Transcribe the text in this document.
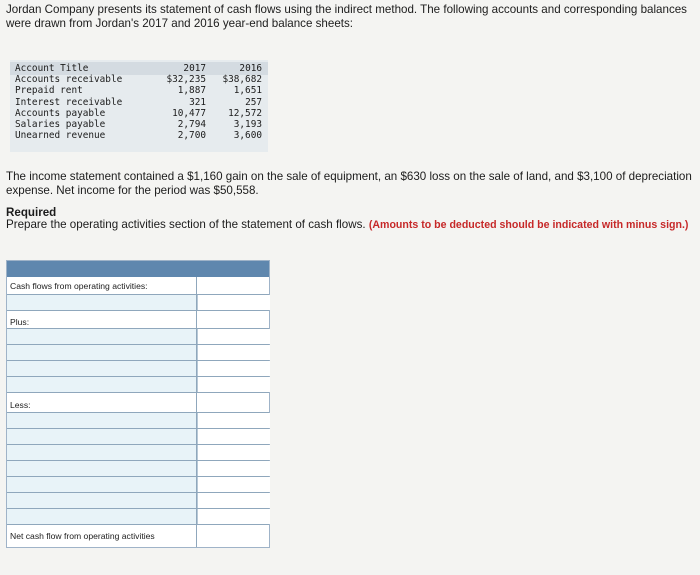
Jordan Company presents its statement of cash flows using the indirect method. The following accounts and corresponding balances were drawn from Jordan's 2017 and 2016 year-end balance sheets:
Account Title
Accounts receivable
Prepaid rent
Interest receivable
Accounts payable
Salaries payable
Unearned revenue
2017
$32,235
1,887
321
10,477
2,794
2,700
2016
$38,682
1,651
257
12,572
3,193
3,600
The income statement contained a $1,160 gain on the sale of equipment, an $630 loss on the sale of land, and $3,100 of depreciation expense. Net income for the period was $50,558.
Required
Prepare the operating activities section of the statement of cash flows. (Amounts to be deducted should be indicated with minus sign.)
Cash flows from operating activities:
Plus:
Less:
Net cash flow from operating activities
